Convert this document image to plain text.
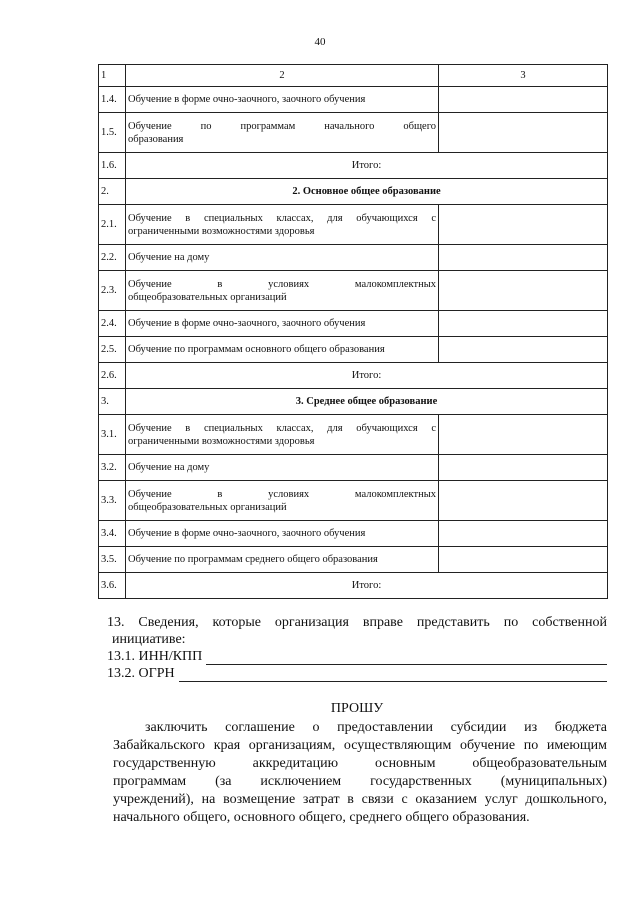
40
1	2	3
1.4.	Обучение в форме очно-заочного, заочного обучения	
1.5.	Обучение по программам начального общего
образования	

1.6.	Итого:	
2.	2. Основное общее образование	
2.1.	Обучение в специальных классах, для обучающихся с
ограниченными возможностями здоровья	

2.2.	Обучение на дому	
2.3.	Обучение в условиях малокомплектных
общеобразовательных организаций	

2.4.	Обучение в форме очно-заочного, заочного обучения	
2.5.	Обучение по программам основного общего образования	
2.6.	Итого:	
3.	3. Среднее общее образование	
3.1.	Обучение в специальных классах, для обучающихся с
ограниченными возможностями здоровья	

3.2.	Обучение на дому	
3.3.	Обучение в условиях малокомплектных
общеобразовательных организаций	

3.4.	Обучение в форме очно-заочного, заочного обучения	
3.5.	Обучение по программам среднего общего образования	
3.6.	Итого:	
13. Сведения, которые организация вправе представить по собственной
инициативе:
13.1. ИНН/КПП
13.2. ОГРН
ПРОШУ
заключить соглашение о предоставлении субсидии из бюджета
Забайкальского края организациям, осуществляющим обучение по имеющим
государственную аккредитацию основным общеобразовательным
программам (за исключением государственных (муниципальных)
учреждений), на возмещение затрат в связи с оказанием услуг дошкольного,
начального общего, основного общего, среднего общего образования.
